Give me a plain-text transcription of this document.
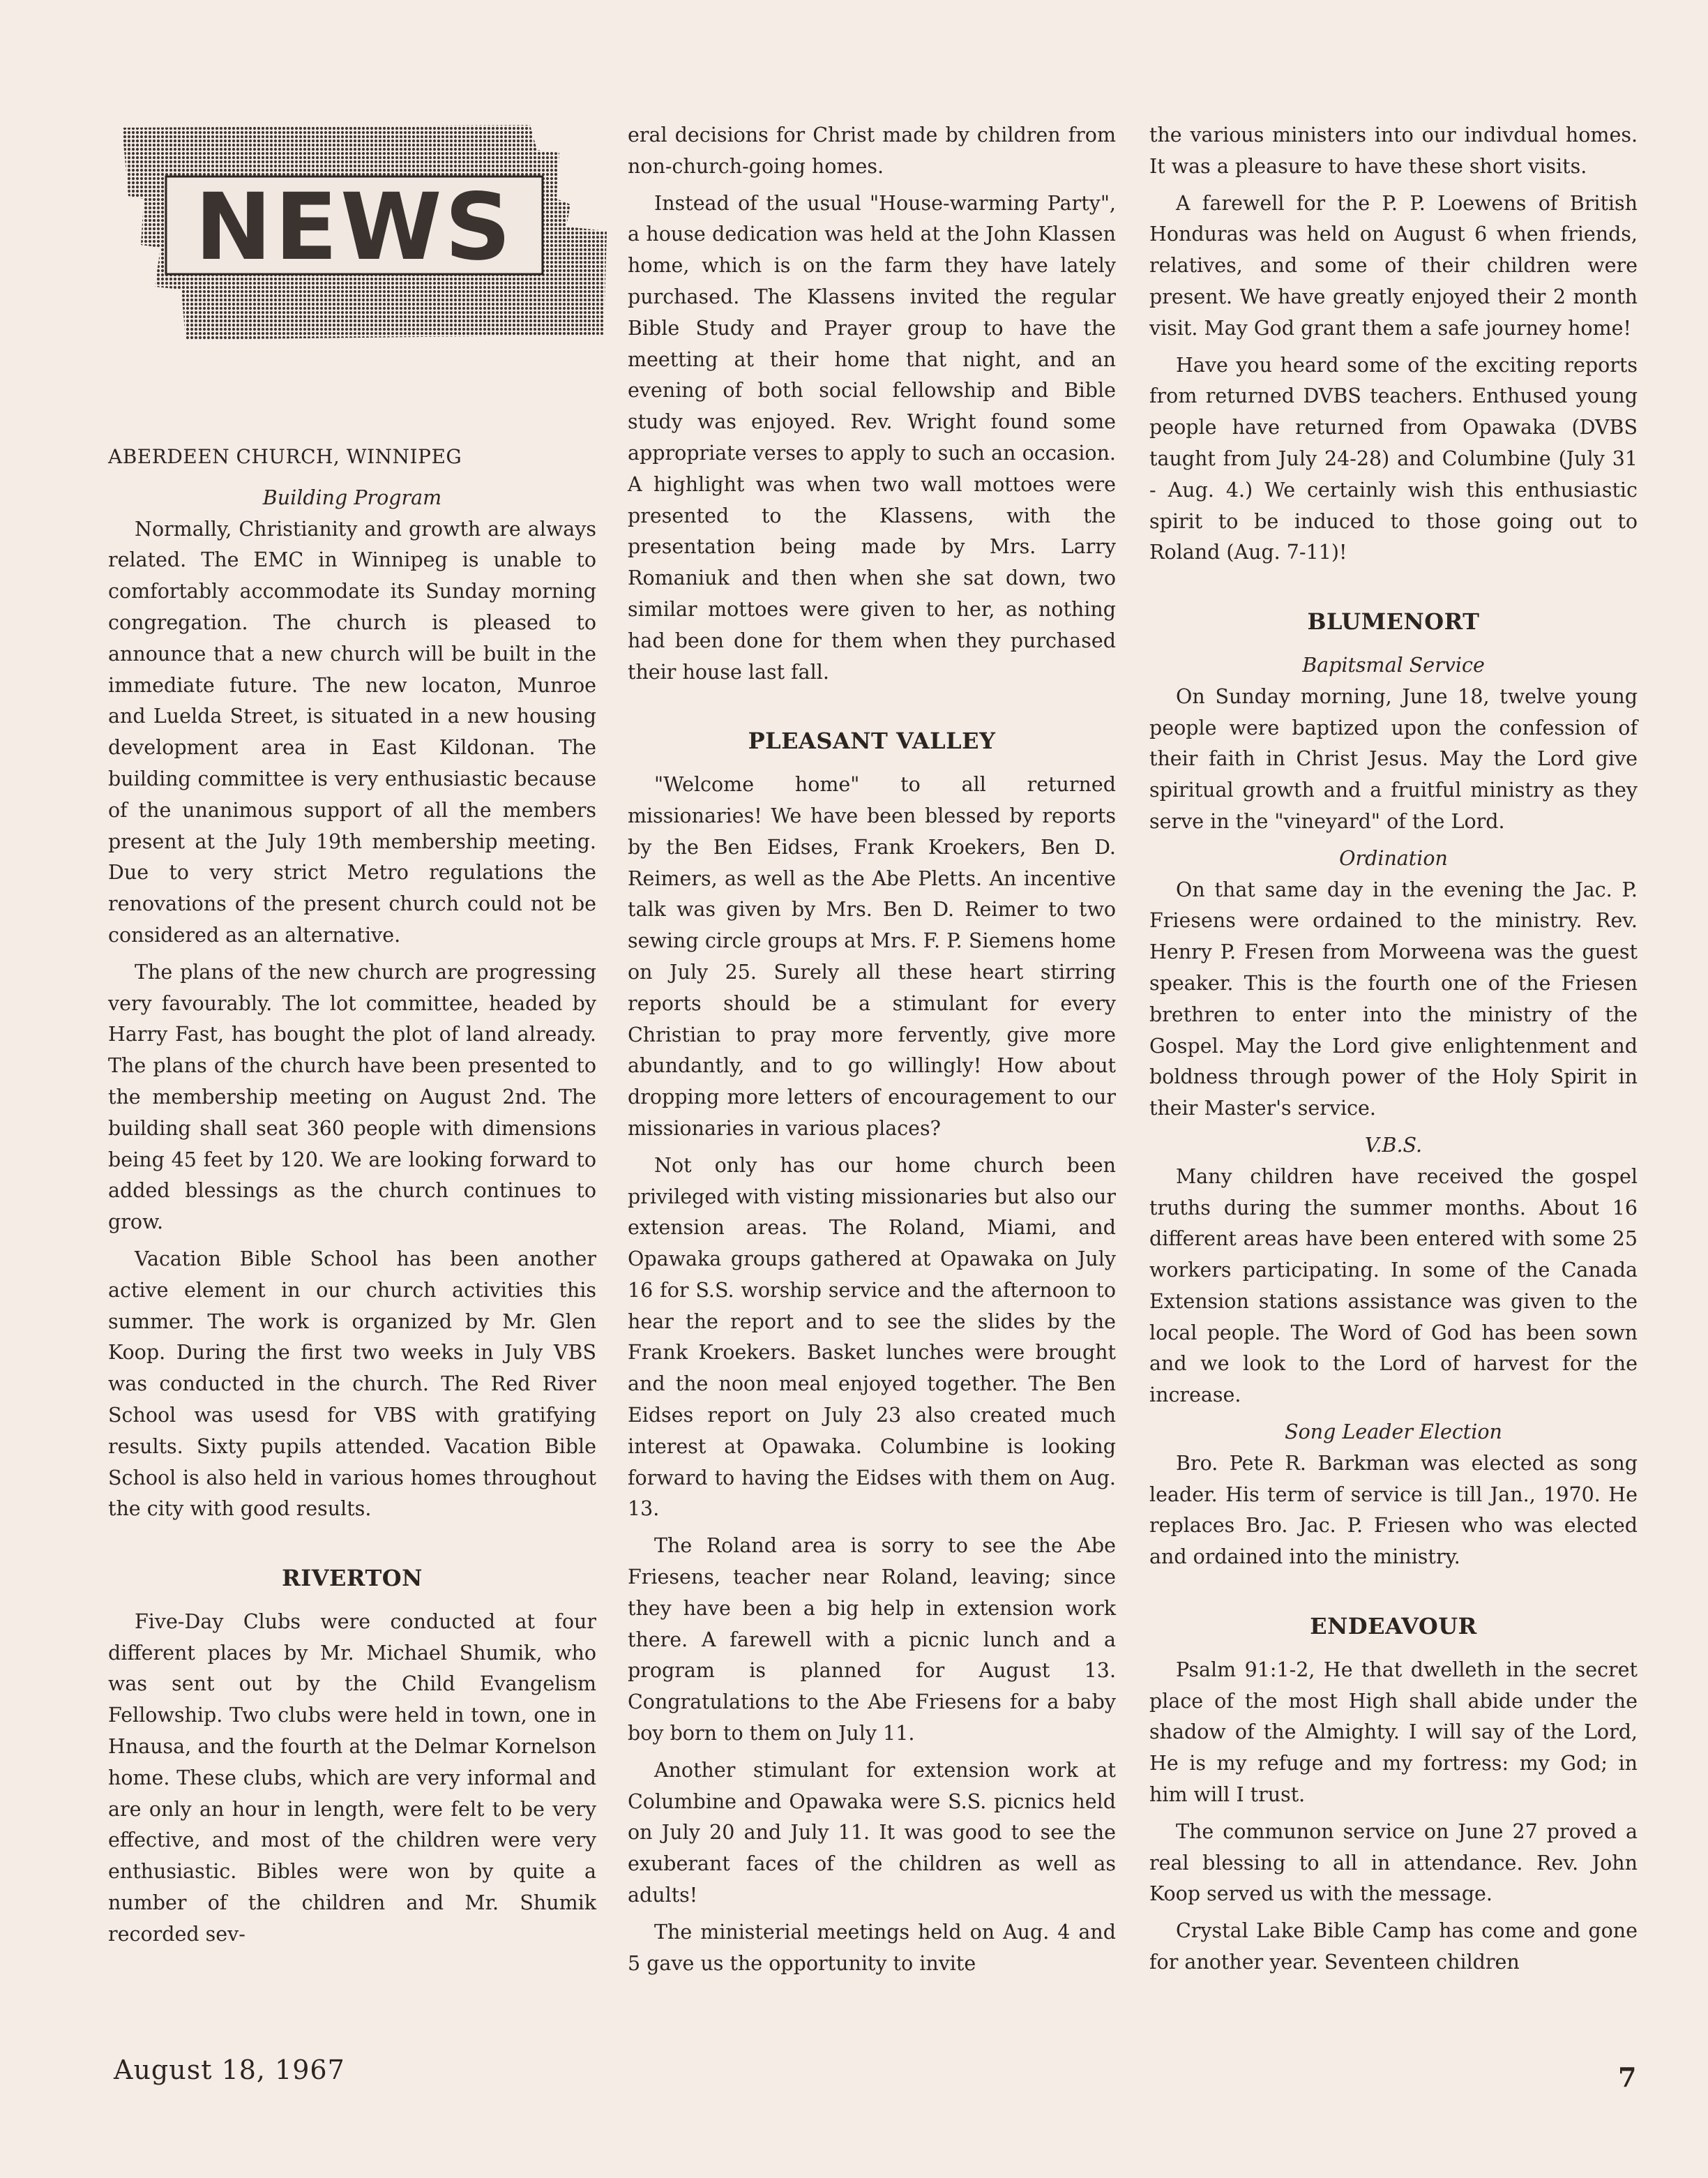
NEWS
ABERDEEN CHURCH, WINNIPEG
Building Program

Normally, Christianity and growth are always related. The EMC in Winnipeg is unable to comfortably accommodate its Sunday morning congregation. The church is pleased to announce that a new church will be built in the immediate future. The new locaton, Munroe and Luelda Street, is situated in a new housing development area in East Kildonan. The building committee is very enthusiastic because of the unanimous support of all the members present at the July 19th membership meeting. Due to very strict Metro regulations the renovations of the present church could not be considered as an alternative.

The plans of the new church are progressing very favourably. The lot committee, headed by Harry Fast, has bought the plot of land already. The plans of the church have been presented to the membership meeting on August 2nd. The building shall seat 360 people with dimensions being 45 feet by 120. We are looking forward to added blessings as the church continues to grow.

Vacation Bible School has been another active element in our church activities this summer. The work is organized by Mr. Glen Koop. During the first two weeks in July VBS was conducted in the church. The Red River School was usesd for VBS with gratifying results. Sixty pupils attended. Vacation Bible School is also held in various homes throughout the city with good results.

RIVERTON

Five-Day Clubs were conducted at four different places by Mr. Michael Shumik, who was sent out by the Child Evangelism Fellowship. Two clubs were held in town, one in Hnausa, and the fourth at the Delmar Kornelson home. These clubs, which are very informal and are only an hour in length, were felt to be very effective, and most of the children were very enthusiastic. Bibles were won by quite a number of the children and Mr. Shumik recorded sev-

eral decisions for Christ made by children from non-church-going homes.

Instead of the usual "House-warming Party", a house dedication was held at the John Klassen home, which is on the farm they have lately purchased. The Klassens invited the regular Bible Study and Prayer group to have the meetting at their home that night, and an evening of both social fellowship and Bible study was enjoyed. Rev. Wright found some appropriate verses to apply to such an occasion. A highlight was when two wall mottoes were presented to the Klassens, with the presentation being made by Mrs. Larry Romaniuk and then when she sat down, two similar mottoes were given to her, as nothing had been done for them when they purchased their house last fall.

PLEASANT VALLEY

"Welcome home" to all returned missionaries! We have been blessed by reports by the Ben Eidses, Frank Kroekers, Ben D. Reimers, as well as the Abe Pletts. An incentive talk was given by Mrs. Ben D. Reimer to two sewing circle groups at Mrs. F. P. Siemens home on July 25. Surely all these heart stirring reports should be a stimulant for every Christian to pray more fervently, give more abundantly, and to go willingly! How about dropping more letters of encouragement to our missionaries in various places?

Not only has our home church been privileged with visting missionaries but also our extension areas. The Roland, Miami, and Opawaka groups gathered at Opawaka on July 16 for S.S. worship service and the afternoon to hear the report and to see the slides by the Frank Kroekers. Basket lunches were brought and the noon meal enjoyed together. The Ben Eidses report on July 23 also created much interest at Opawaka. Columbine is looking forward to having the Eidses with them on Aug. 13.

The Roland area is sorry to see the Abe Friesens, teacher near Roland, leaving; since they have been a big help in extension work there. A farewell with a picnic lunch and a program is planned for August 13. Congratulations to the Abe Friesens for a baby boy born to them on July 11.

Another stimulant for extension work at Columbine and Opawaka were S.S. picnics held on July 20 and July 11. It was good to see the exuberant faces of the children as well as adults!

The ministerial meetings held on Aug. 4 and 5 gave us the opportunity to invite

the various ministers into our indivdual homes. It was a pleasure to have these short visits.

A farewell for the P. P. Loewens of British Honduras was held on August 6 when friends, relatives, and some of their children were present. We have greatly enjoyed their 2 month visit. May God grant them a safe journey home!

Have you heard some of the exciting reports from returned DVBS teachers. Enthused young people have returned from Opawaka (DVBS taught from July 24-28) and Columbine (July 31 - Aug. 4.) We certainly wish this enthusiastic spirit to be induced to those going out to Roland (Aug. 7-11)!

BLUMENORT
Bapitsmal Service

On Sunday morning, June 18, twelve young people were baptized upon the confession of their faith in Christ Jesus. May the Lord give spiritual growth and a fruitful ministry as they serve in the "vineyard" of the Lord.

Ordination

On that same day in the evening the Jac. P. Friesens were ordained to the ministry. Rev. Henry P. Fresen from Morweena was the guest speaker. This is the fourth one of the Friesen brethren to enter into the ministry of the Gospel. May the Lord give enlightenment and boldness through power of the Holy Spirit in their Master's service.

V.B.S.

Many children have received the gospel truths during the summer months. About 16 different areas have been entered with some 25 workers participating. In some of the Canada Extension stations assistance was given to the local people. The Word of God has been sown and we look to the Lord of harvest for the increase.

Song Leader Election

Bro. Pete R. Barkman was elected as song leader. His term of service is till Jan., 1970. He replaces Bro. Jac. P. Friesen who was elected and ordained into the ministry.

ENDEAVOUR

Psalm 91:1-2, He that dwelleth in the secret place of the most High shall abide under the shadow of the Almighty. I will say of the Lord, He is my refuge and my fortress: my God; in him will I trust.

The communon service on June 27 proved a real blessing to all in attendance. Rev. John Koop served us with the message.

Crystal Lake Bible Camp has come and gone for another year. Seventeen children

August 18, 1967	7
